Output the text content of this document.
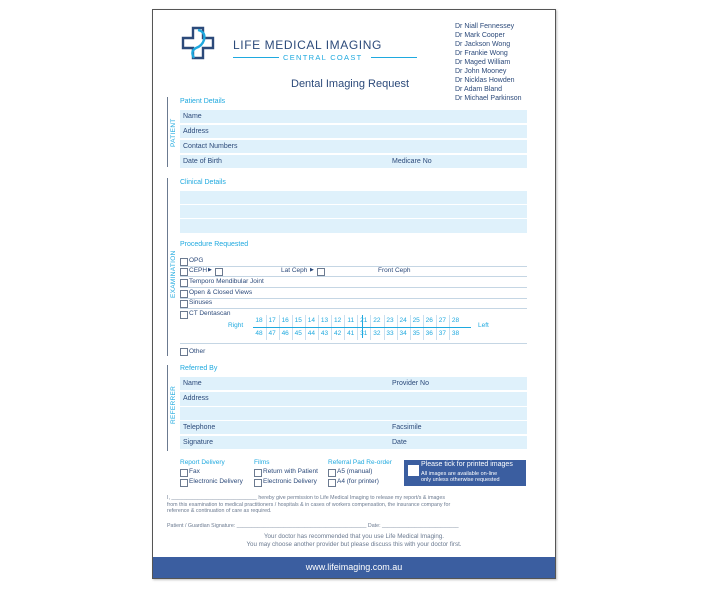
LIFE MEDICAL IMAGING
CENTRAL COAST
Dr Niall Fennessey
Dr Mark Cooper
Dr Jackson Wong
Dr Frankie Wong
Dr Maged William
Dr John Mooney
Dr Nicklas Howden
Dr Adam Bland
Dr Michael Parkinson
Dental Imaging Request
PATIENT
Patient Details
Name
Address
Contact Numbers
Date of Birth	Medicare No
EXAMINATION
Clinical Details
Procedure Requested
OPG
CEPH ▶	Lat Ceph ▶	Front Ceph
Temporo Mendibular Joint
Open & Closed Views
Sinuses
CT Dentascan
Right	Left
Other
REFERRER
Referred By
Name	Provider No
Address
Telephone	Facsimile
Signature	Date
Report Delivery
Fax
Electronic Delivery
Films
Return with Patient
Electronic Delivery
Referral Pad Re-order
A5 (manual)
A4 (for printer)
Please tick for printed images
All images are available on-line
only unless otherwise requested
I, _____________________________ hereby give permission to Life Medical Imaging to release my report/s & images
from this examination to medical practitioners / hospitals & in cases of workers compensation, the insurance company for
reference & continuation of care as required.
Patient / Guardian Signature: ____________________________________________ Date: __________________________
Your doctor has recommended that you use Life Medical Imaging.
You may choose another provider but please discuss this with your doctor first.
www.lifeimaging.com.au
18 17 16 15 14 13 12 11 21 22 23 24 25 26 27 28
48 47 46 45 44 43 42 41 31 32 33 34 35 36 37 38
